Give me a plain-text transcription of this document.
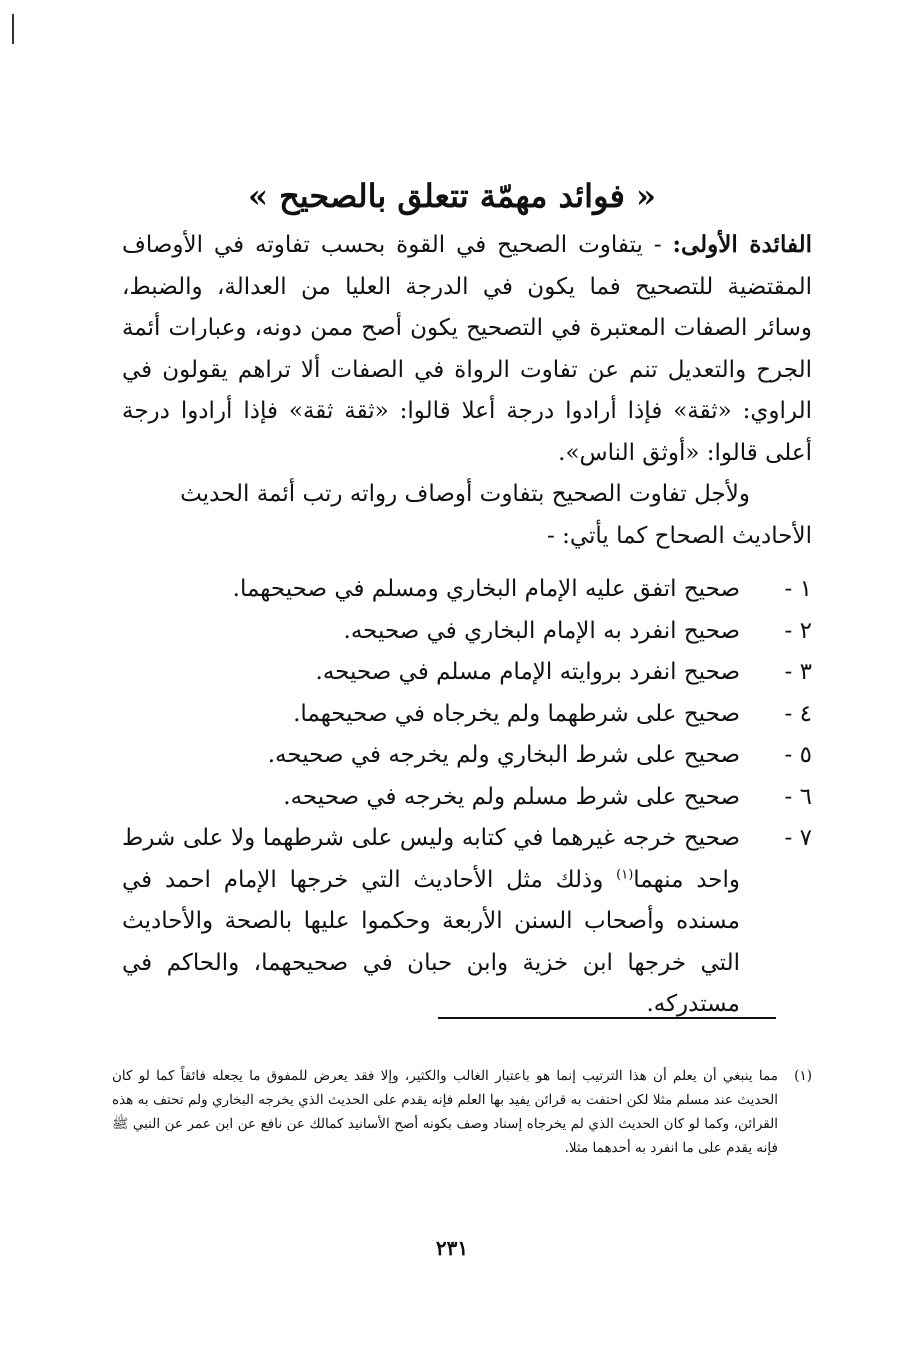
« فوائد مهمّة تتعلق بالصحيح »
الفائدة الأولى: - يتفاوت الصحيح في القوة بحسب تفاوته في الأوصاف المقتضية للتصحيح فما يكون في الدرجة العليا من العدالة، والضبط، وسائر الصفات المعتبرة في التصحيح يكون أصح ممن دونه، وعبارات أئمة الجرح والتعديل تنم عن تفاوت الرواة في الصفات ألا تراهم يقولون في الراوي: «ثقة» فإذا أرادوا درجة أعلا قالوا: «ثقة ثقة» فإذا أرادوا درجة أعلى قالوا: «أوثق الناس».
ولأجل تفاوت الصحيح بتفاوت أوصاف رواته رتب أئمة الحديث
الأحاديث الصحاح كما يأتي: -
١ -
صحيح اتفق عليه الإمام البخاري ومسلم في صحيحهما.
٢ -
صحيح انفرد به الإمام البخاري في صحيحه.
٣ -
صحيح انفرد بروايته الإمام مسلم في صحيحه.
٤ -
صحيح على شرطهما ولم يخرجاه في صحيحهما.
٥ -
صحيح على شرط البخاري ولم يخرجه في صحيحه.
٦ -
صحيح على شرط مسلم ولم يخرجه في صحيحه.
٧ -
صحيح خرجه غيرهما في كتابه وليس على شرطهما ولا على شرط واحد منهما$^{(١)}$ وذلك مثل الأحاديث التي خرجها الإمام احمد في مسنده وأصحاب السنن الأربعة وحكموا عليها بالصحة والأحاديث التي خرجها ابن خزية وابن حبان في صحيحهما، والحاكم في مستدركه.
(١)
مما ينبغي أن يعلم أن هذا الترتيب إنما هو باعتبار الغالب والكثير، وإلا فقد يعرض للمفوق ما يجعله فائقاً كما لو كان الحديث عند مسلم مثلا لكن احتفت به قرائن يفيد بها العلم فإنه يقدم على الحديث الذي يخرجه البخاري ولم تحتف به هذه القرائن، وكما لو كان الحديث الذي لم يخرجاه إسناد وصف بكونه أصح الأسانيد كمالك عن نافع عن ابن عمر عن النبي ﷺ فإنه يقدم على ما انفرد به أحدهما مثلا.
٢٣١
